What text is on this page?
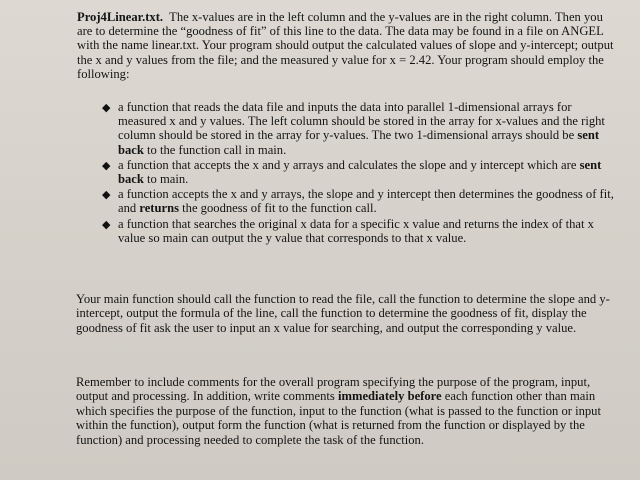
Proj4Linear.txt. The x-values are in the left column and the y-values are in the right column. Then you are to determine the “goodness of fit” of this line to the data. The data may be found in a file on ANGEL with the name linear.txt. Your program should output the calculated values of slope and y-intercept; output the x and y values from the file; and the measured y value for x = 2.42. Your program should employ the following:

◆ a function that reads the data file and inputs the data into parallel 1-dimensional arrays for measured x and y values. The left column should be stored in the array for x-values and the right column should be stored in the array for y-values. The two 1-dimensional arrays should be sent back to the function call in main.
◆ a function that accepts the x and y arrays and calculates the slope and y intercept which are sent back to main.
◆ a function accepts the x and y arrays, the slope and y intercept then determines the goodness of fit, and returns the goodness of fit to the function call.
◆ a function that searches the original x data for a specific x value and returns the index of that x value so main can output the y value that corresponds to that x value.

Your main function should call the function to read the file, call the function to determine the slope and y-intercept, output the formula of the line, call the function to determine the goodness of fit, display the goodness of fit ask the user to input an x value for searching, and output the corresponding y value.

Remember to include comments for the overall program specifying the purpose of the program, input, output and processing. In addition, write comments immediately before each function other than main which specifies the purpose of the function, input to the function (what is passed to the function or input within the function), output form the function (what is returned from the function or displayed by the function) and processing needed to complete the task of the function.
